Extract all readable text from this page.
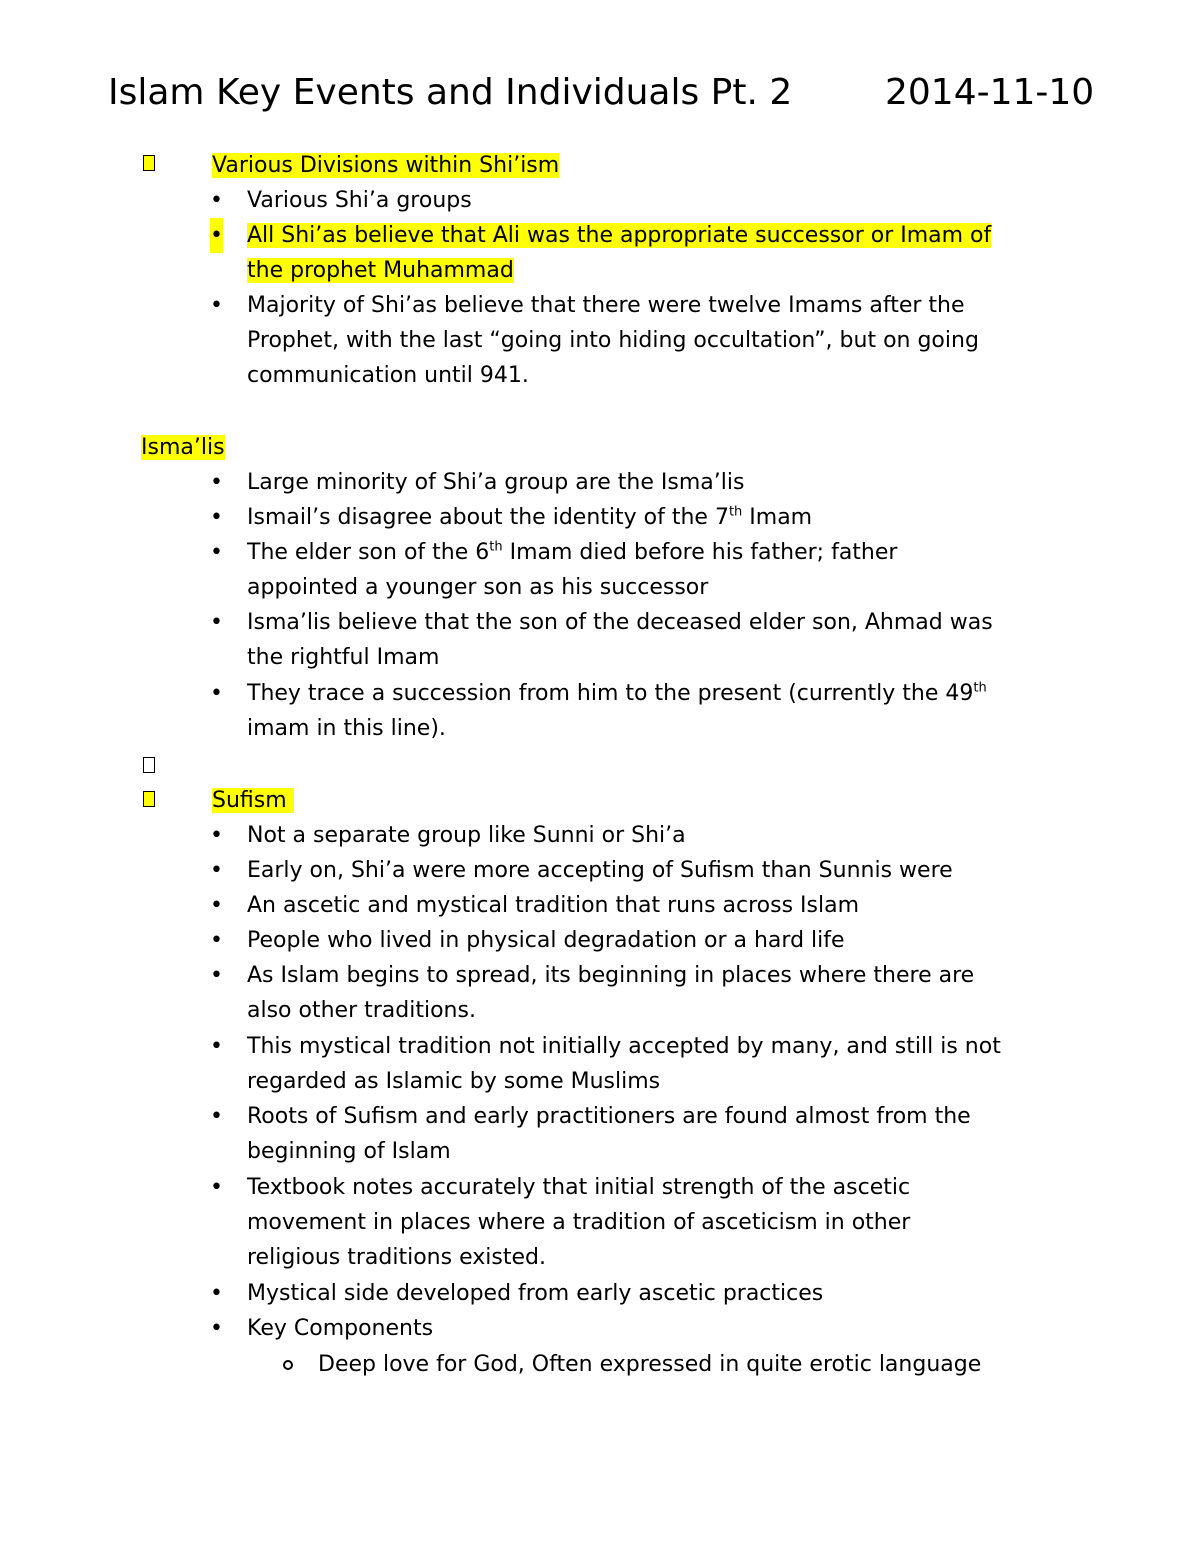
Islam Key Events and Individuals Pt. 2	2014-11-10
Various Divisions within Shi’ism
• Various Shi’a groups
• All Shi’as believe that Ali was the appropriate successor or Imam of
the prophet Muhammad
• Majority of Shi’as believe that there were twelve Imams after the
Prophet, with the last “going into hiding occultation”, but on going
communication until 941.
Isma’lis
• Large minority of Shi’a group are the Isma’lis
• Ismail’s disagree about the identity of the 7th Imam
• The elder son of the 6th Imam died before his father; father
appointed a younger son as his successor
• Isma’lis believe that the son of the deceased elder son, Ahmad was
the rightful Imam
• They trace a succession from him to the present (currently the 49th
imam in this line).
Sufism
• Not a separate group like Sunni or Shi’a
• Early on, Shi’a were more accepting of Sufism than Sunnis were
• An ascetic and mystical tradition that runs across Islam
• People who lived in physical degradation or a hard life
• As Islam begins to spread, its beginning in places where there are
also other traditions.
• This mystical tradition not initially accepted by many, and still is not
regarded as Islamic by some Muslims
• Roots of Sufism and early practitioners are found almost from the
beginning of Islam
• Textbook notes accurately that initial strength of the ascetic
movement in places where a tradition of asceticism in other
religious traditions existed.
• Mystical side developed from early ascetic practices
• Key Components
Deep love for God, Often expressed in quite erotic language
